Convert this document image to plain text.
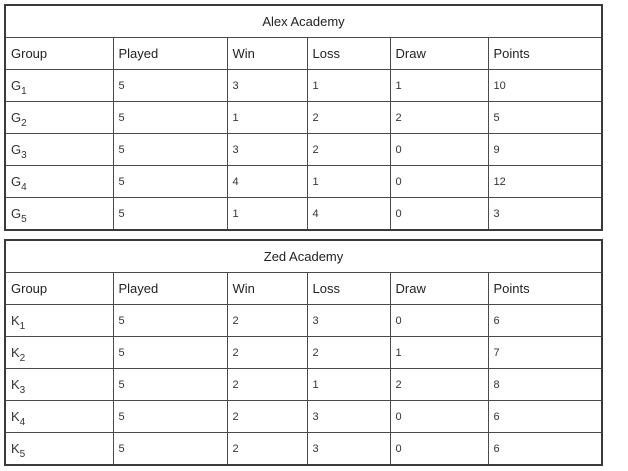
Alex Academy					
Group	Played	Win	Loss	Draw	Points
$G_1$	5	3	1	1	10
$G_2$	5	1	2	2	5
$G_3$	5	3	2	0	9
$G_4$	5	4	1	0	12
$G_5$	5	1	4	0	3
Zed Academy					
Group	Played	Win	Loss	Draw	Points
$K_1$	5	2	3	0	6
$K_2$	5	2	2	1	7
$K_3$	5	2	1	2	8
$K_4$	5	2	3	0	6
$K_5$	5	2	3	0	6
